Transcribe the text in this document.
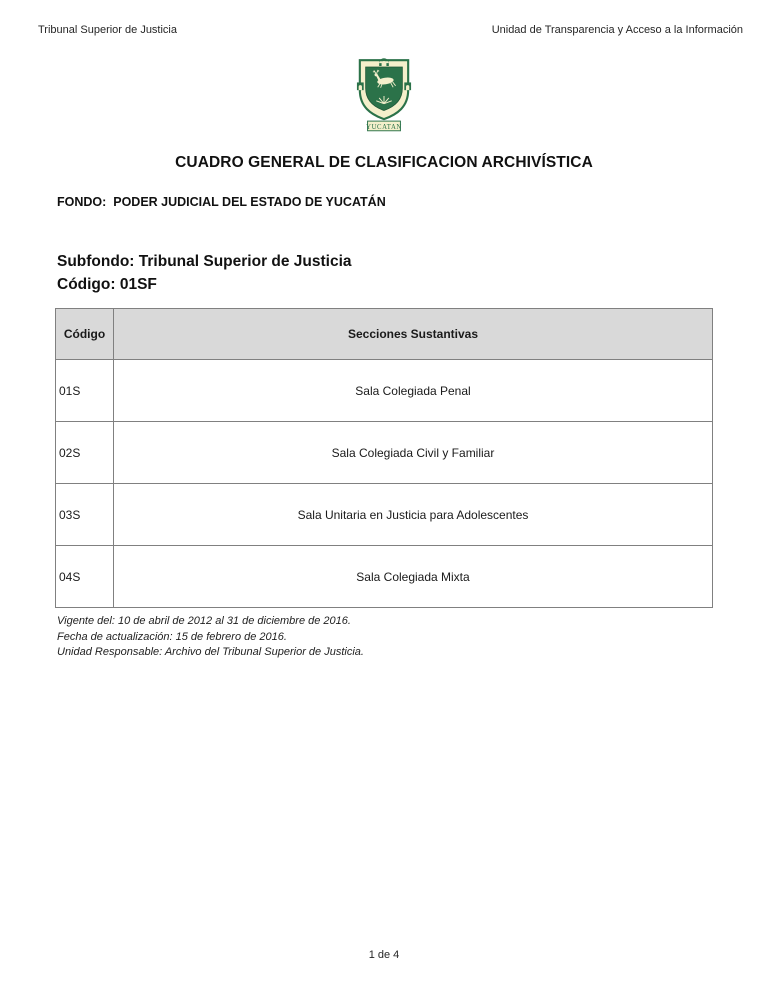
Tribunal Superior de Justicia	Unidad de Transparencia y Acceso a la Información
YUCATAN
CUADRO GENERAL DE CLASIFICACION ARCHIVÍSTICA
FONDO:  PODER JUDICIAL DEL ESTADO DE YUCATÁN
Subfondo: Tribunal Superior de Justicia
Código: 01SF
Código	Secciones Sustantivas
01S	Sala Colegiada Penal
02S	Sala Colegiada Civil y Familiar
03S	Sala Unitaria en Justicia para Adolescentes
04S	Sala Colegiada Mixta
Vigente del: 10 de abril de 2012 al 31 de diciembre de 2016.
Fecha de actualización: 15 de febrero de 2016.
Unidad Responsable: Archivo del Tribunal Superior de Justicia.
1 de 4
